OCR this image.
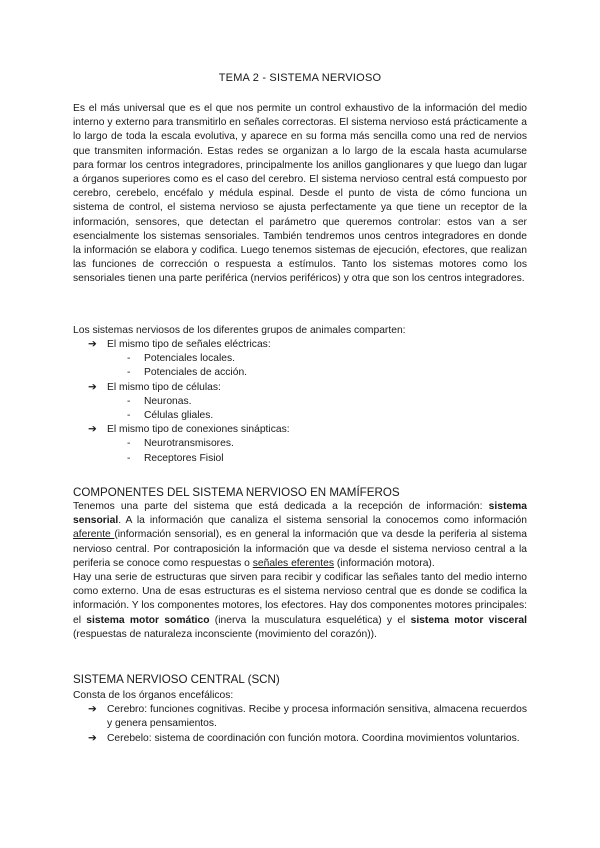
TEMA 2 - SISTEMA NERVIOSO

Es el más universal que es el que nos permite un control exhaustivo de la información del medio interno y externo para transmitirlo en señales correctoras. El sistema nervioso está prácticamente a lo largo de toda la escala evolutiva, y aparece en su forma más sencilla como una red de nervios que transmiten información. Estas redes se organizan a lo largo de la escala hasta acumularse para formar los centros integradores, principalmente los anillos ganglionares y que luego dan lugar a órganos superiores como es el caso del cerebro. El sistema nervioso central está compuesto por cerebro, cerebelo, encéfalo y médula espinal. Desde el punto de vista de cómo funciona un sistema de control, el sistema nervioso se ajusta perfectamente ya que tiene un receptor de la información, sensores, que detectan el parámetro que queremos controlar: estos van a ser esencialmente los sistemas sensoriales. También tendremos unos centros integradores en donde la información se elabora y codifica. Luego tenemos sistemas de ejecución, efectores, que realizan las funciones de corrección o respuesta a estímulos. Tanto los sistemas motores como los sensoriales tienen una parte periférica (nervios periféricos) y otra que son los centros integradores.

Los sistemas nerviosos de los diferentes grupos de animales comparten:

➔ El mismo tipo de señales eléctricas:
- Potenciales locales.
- Potenciales de acción.
➔ El mismo tipo de células:
- Neuronas.
- Células gliales.
➔ El mismo tipo de conexiones sinápticas:
- Neurotransmisores.
- Receptores Fisiol
COMPONENTES DEL SISTEMA NERVIOSO EN MAMÍFEROS

Tenemos una parte del sistema que está dedicada a la recepción de información: sistema sensorial. A la información que canaliza el sistema sensorial la conocemos como información aferente (información sensorial), es en general la información que va desde la periferia al sistema nervioso central. Por contraposición la información que va desde el sistema nervioso central a la periferia se conoce como respuestas o señales eferentes (información motora).

Hay una serie de estructuras que sirven para recibir y codificar las señales tanto del medio interno como externo. Una de esas estructuras es el sistema nervioso central que es donde se codifica la información. Y los componentes motores, los efectores. Hay dos componentes motores principales: el sistema motor somático (inerva la musculatura esquelética) y el sistema motor visceral (respuestas de naturaleza inconsciente (movimiento del corazón)).

SISTEMA NERVIOSO CENTRAL (SCN)

Consta de los órganos encefálicos:

➔ Cerebro: funciones cognitivas. Recibe y procesa información sensitiva, almacena recuerdos y genera pensamientos.
➔ Cerebelo: sistema de coordinación con función motora. Coordina movimientos voluntarios.
